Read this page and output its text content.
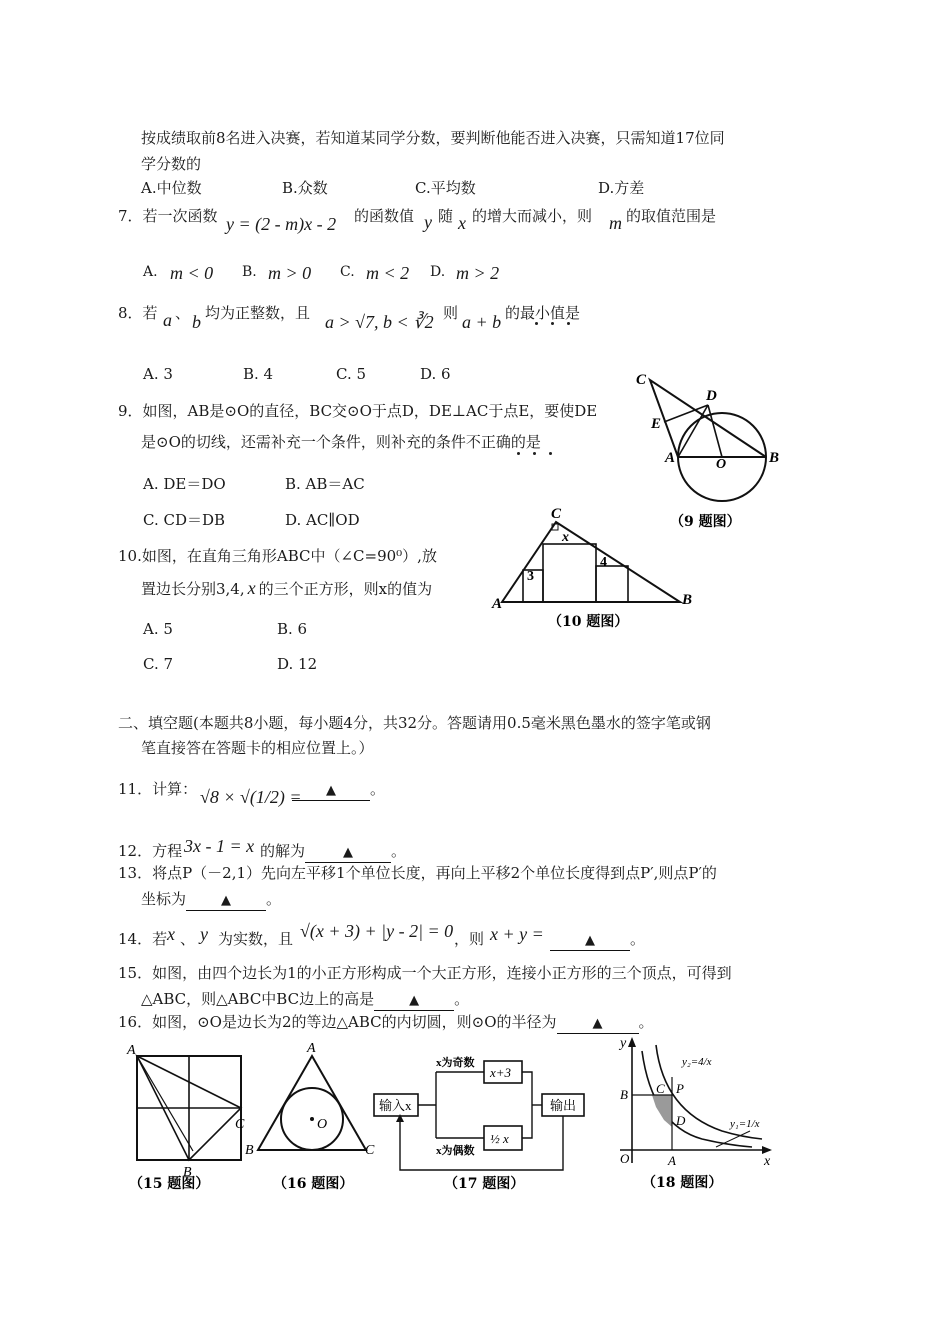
按成绩取前8名进入决赛，若知道某同学分数，要判断他能否进入决赛，只需知道17位同
学分数的
A.中位数	B.众数	C.平均数	D.方差
7．若一次函数 y = (2 - m)x - 2 的函数值 y 随 x 的增大而减小，则 m 的取值范围是
A. m < 0 B. m > 0 C. m < 2 D. m > 2
8．若 a 、 b 均为正整数，且 a > √7, b < ∛2 则 a + b 的最小值是
A. 3	B. 4	C. 5	D. 6
9．如图，AB是⊙O的直径，BC交⊙O于点D，DE⊥AC于点E，要使DE
是⊙O的切线，还需补充一个条件，则补充的条件不正确的是
A. DE＝DO	B. AB＝AC
C. CD＝DB	D. AC∥OD
C
D
E
A	O	B
（9 题图）
10.如图，在直角三角形ABC中（∠C=90⁰）,放
置边长分别3,4, x 的三个正方形，则x的值为
A. 5	B. 6
C. 7	D. 12
C
x
3
4
A	B
（10 题图）
二、填空题(本题共8小题，每小题4分，共32分。答题请用0.5毫米黑色墨水的签字笔或钢
笔直接答在答题卡的相应位置上。）
11．计算： √8 × √(1/2) =	▲ 。
12．方程 3x - 1 = x 的解为	▲	。
13．将点P（－2,1）先向左平移1个单位长度，再向上平移2个单位长度得到点P′,则点P′的
坐标为	▲ 。
14．若 x 、 y 为实数，且 √(x + 3) + |y - 2| = 0 ，则 x + y =	▲ 。
15．如图，由四个边长为1的小正方形构成一个大正方形，连接小正方形的三个顶点，可得到
△ABC，则△ABC中BC边上的高是	▲ 。
16．如图，⊙O是边长为2的等边△ABC的内切圆，则⊙O的半径为	▲ 。
A
C
B
（15 题图）
A
O
B	C
（16 题图）
输入x
x为奇数
x为偶数
x+3
½ x
输出
（17 题图）
y
x
O	A
B C P
D
y₂=4/x
y₁=1/x
（18 题图）
